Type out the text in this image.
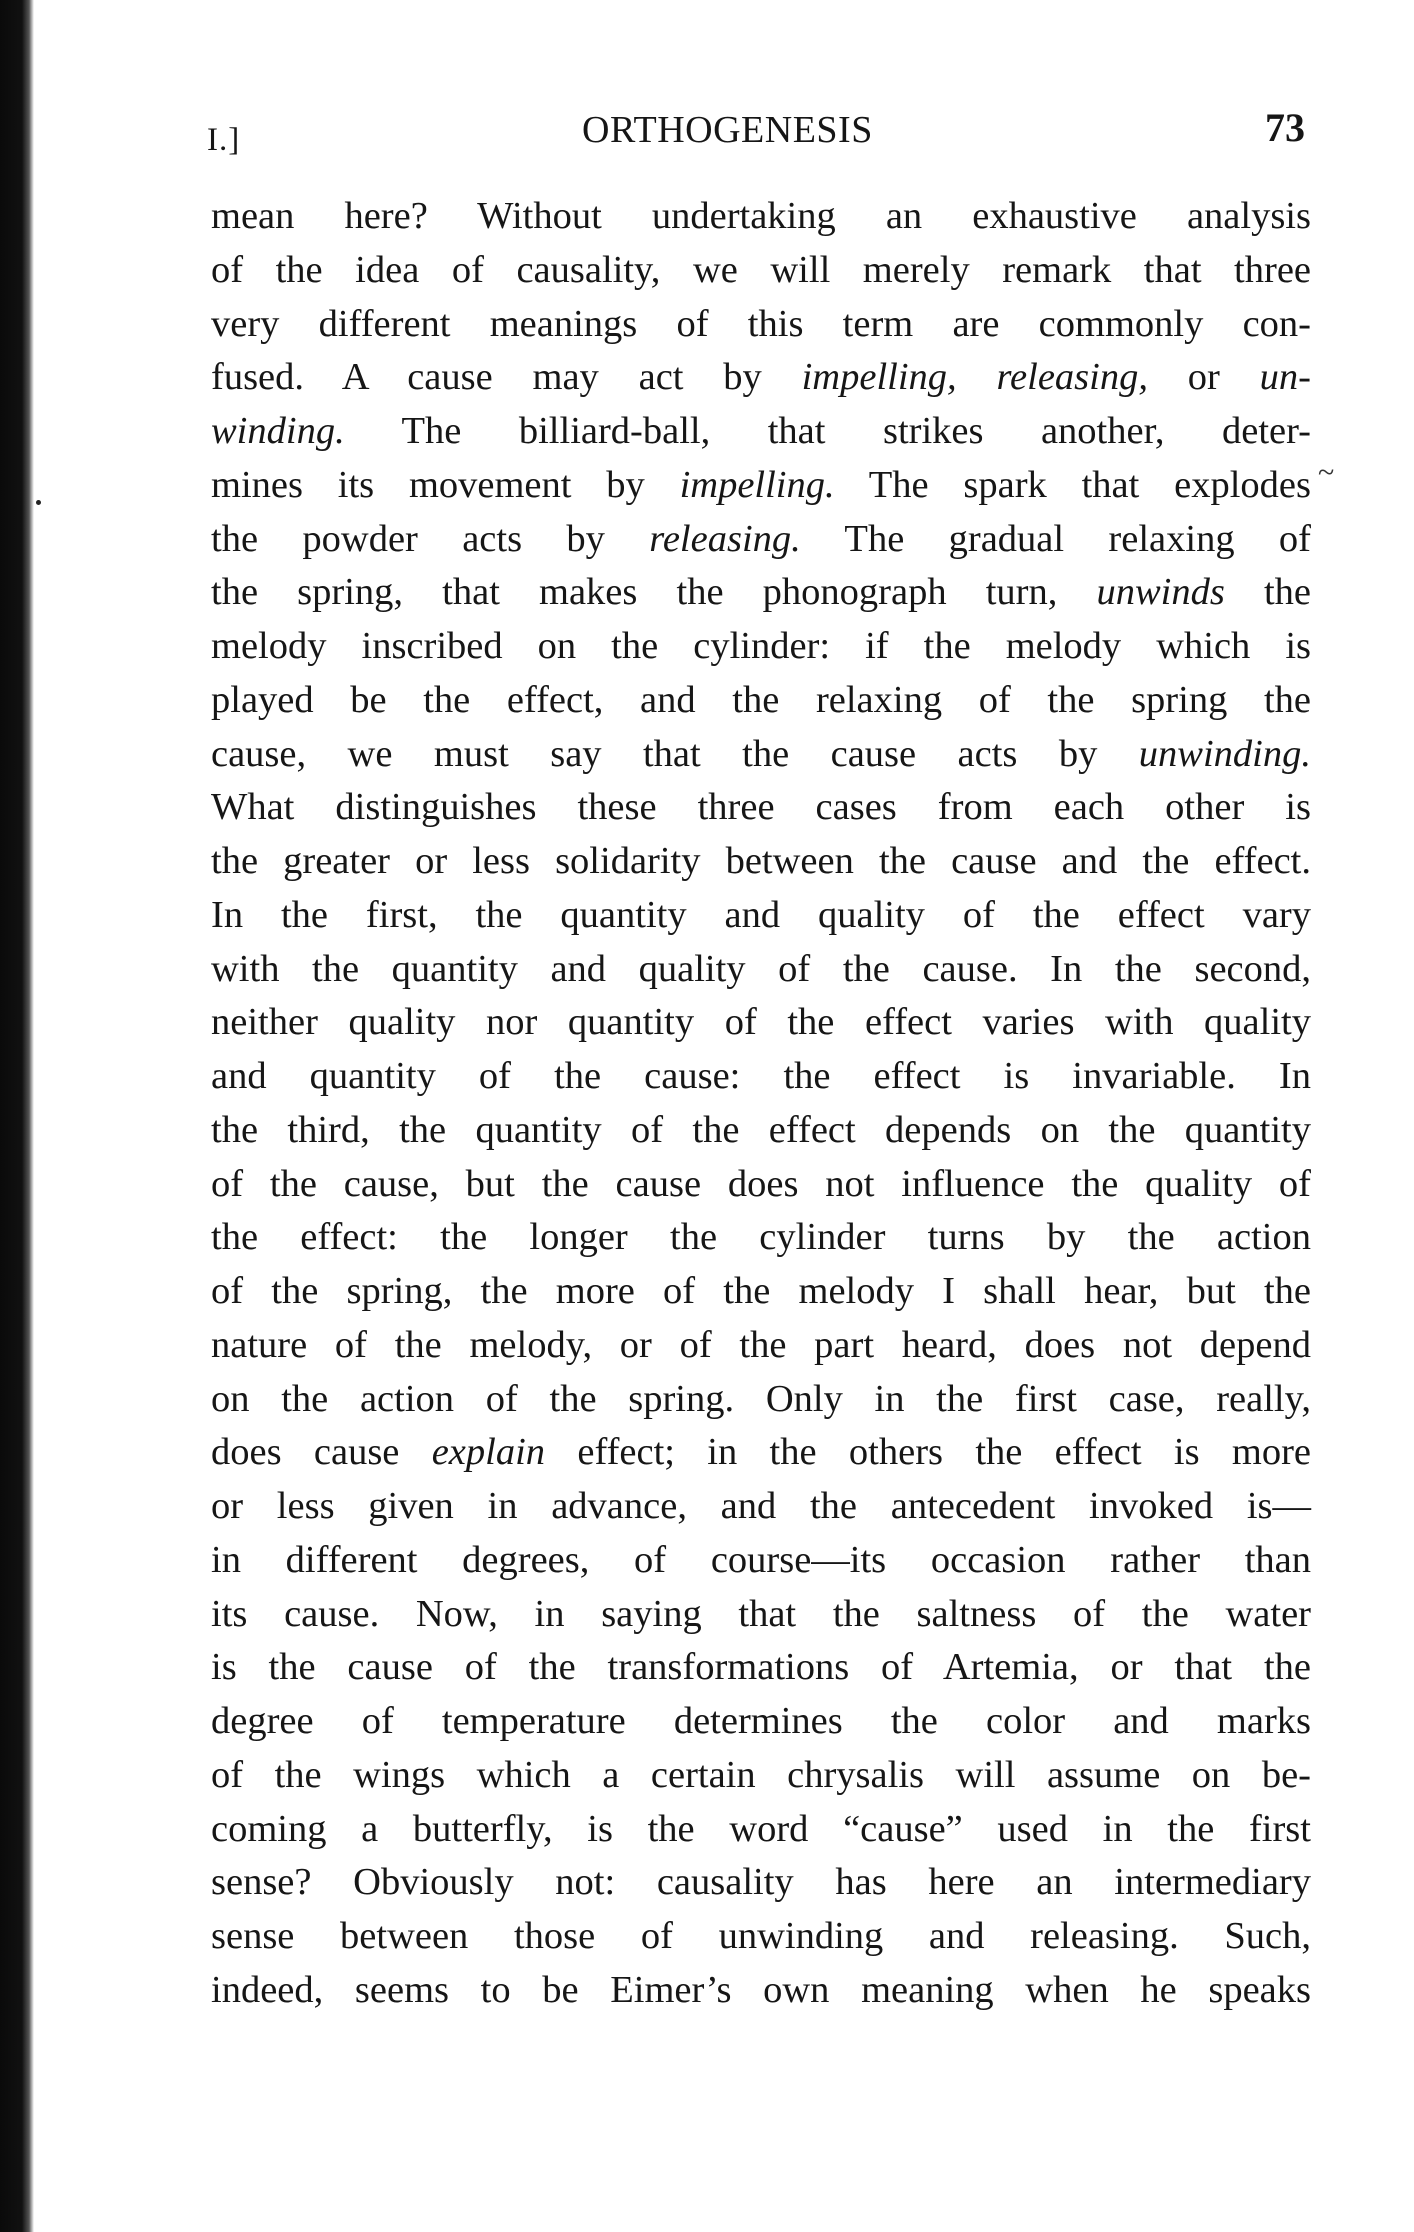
I.]	ORTHOGENESIS	73
~
mean here? Without undertaking an exhaustive analysis
of the idea of causality, we will merely remark that three
very different meanings of this term are commonly con-
fused. A cause may act by impelling, releasing, or un-
winding. The billiard-ball, that strikes another, deter-
mines its movement by impelling. The spark that explodes
the powder acts by releasing. The gradual relaxing of
the spring, that makes the phonograph turn, unwinds the
melody inscribed on the cylinder: if the melody which is
played be the effect, and the relaxing of the spring the
cause, we must say that the cause acts by unwinding.
What distinguishes these three cases from each other is
the greater or less solidarity between the cause and the effect.
In the first, the quantity and quality of the effect vary
with the quantity and quality of the cause. In the second,
neither quality nor quantity of the effect varies with quality
and quantity of the cause: the effect is invariable. In
the third, the quantity of the effect depends on the quantity
of the cause, but the cause does not influence the quality of
the effect: the longer the cylinder turns by the action
of the spring, the more of the melody I shall hear, but the
nature of the melody, or of the part heard, does not depend
on the action of the spring. Only in the first case, really,
does cause explain effect; in the others the effect is more
or less given in advance, and the antecedent invoked is—
in different degrees, of course—its occasion rather than
its cause. Now, in saying that the saltness of the water
is the cause of the transformations of Artemia, or that the
degree of temperature determines the color and marks
of the wings which a certain chrysalis will assume on be-
coming a butterfly, is the word “cause” used in the first
sense? Obviously not: causality has here an intermediary
sense between those of unwinding and releasing. Such,
indeed, seems to be Eimer’s own meaning when he speaks
